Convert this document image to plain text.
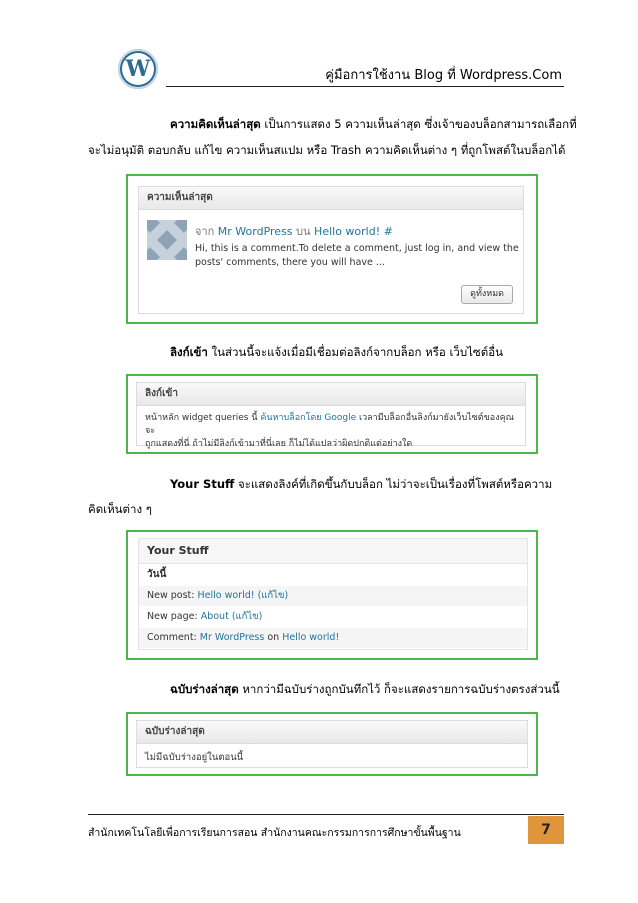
W	คู่มือการใช้งาน Blog ที่ Wordpress.Com
ความคิดเห็นล่าสุด เป็นการแสดง 5 ความเห็นล่าสุด ซึ่งเจ้าของบล็อกสามารถเลือกที่
จะไม่อนุมัติ ตอบกลับ แก้ไข ความเห็นสแปม หรือ Trash ความคิดเห็นต่าง ๆ ที่ถูกโพสต์ในบล็อกได้
ความเห็นล่าสุด
จาก Mr WordPress บน Hello world! #
Hi, this is a comment.To delete a comment, just log in, and view the
posts' comments, there you will have ...
ดูทั้งหมด
ลิงก์เข้า ในส่วนนี้จะแจ้งเมื่อมีเชื่อมต่อลิงก์จากบล็อก หรือ เว็บไซต์อื่น
ลิงก์เข้า
หน้าหลัก widget queries นี้ ค้นหาบล็อกโดย Google เวลามีบล็อกอื่นลิงก์มายังเว็บไซต์ของคุณ จะ
ถูกแสดงที่นี่ ถ้าไม่มีลิงก์เข้ามาที่นี่เลย ก็ไม่ได้แปลว่าผิดปกติแต่อย่างใด
Your Stuff จะแสดงลิงค์ที่เกิดขึ้นกับบล็อก ไม่ว่าจะเป็นเรื่องที่โพสต์หรือความ
คิดเห็นต่าง ๆ
Your Stuff
วันนี้
New post: Hello world! (แก้ไข)
New page: About (แก้ไข)
Comment: Mr WordPress on Hello world!
ฉบับร่างล่าสุด หากว่ามีฉบับร่างถูกบันทึกไว้ ก็จะแสดงรายการฉบับร่างตรงส่วนนี้
ฉบับร่างล่าสุด
ไม่มีฉบับร่างอยู่ในตอนนี้
สำนักเทคโนโลยีเพื่อการเรียนการสอน สำนักงานคณะกรรมการการศึกษาขั้นพื้นฐาน	7
